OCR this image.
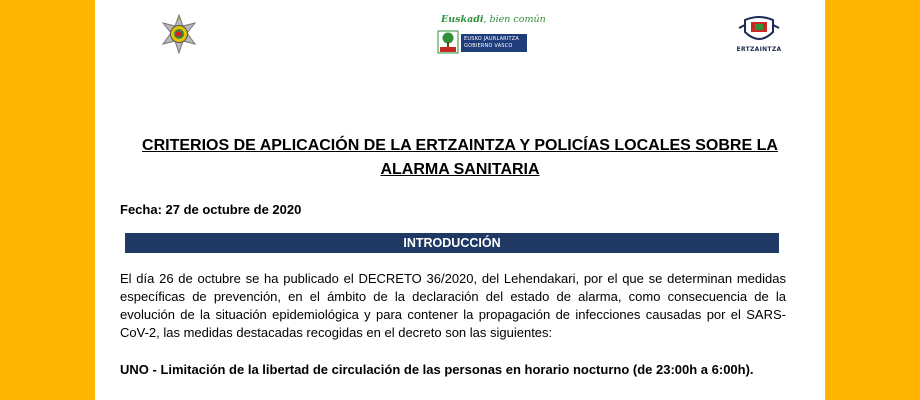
Euskadi, bien común
EUSKO JAURLARITZA
GOBIERNO VASCO	ERTZAINTZA
CRITERIOS DE APLICACIÓN DE LA ERTZAINTZA Y POLICÍAS LOCALES SOBRE LA
ALARMA SANITARIA
Fecha: 27 de octubre de 2020
INTRODUCCIÓN
El día 26 de octubre se ha publicado el DECRETO 36/2020, del Lehendakari, por el que se determinan medidas
específicas de prevención, en el ámbito de la declaración del estado de alarma, como consecuencia de la
evolución de la situación epidemiológica y para contener la propagación de infecciones causadas por el SARS-
CoV-2, las medidas destacadas recogidas en el decreto son las siguientes:
UNO - Limitación de la libertad de circulación de las personas en horario nocturno (de 23:00h a 6:00h).
